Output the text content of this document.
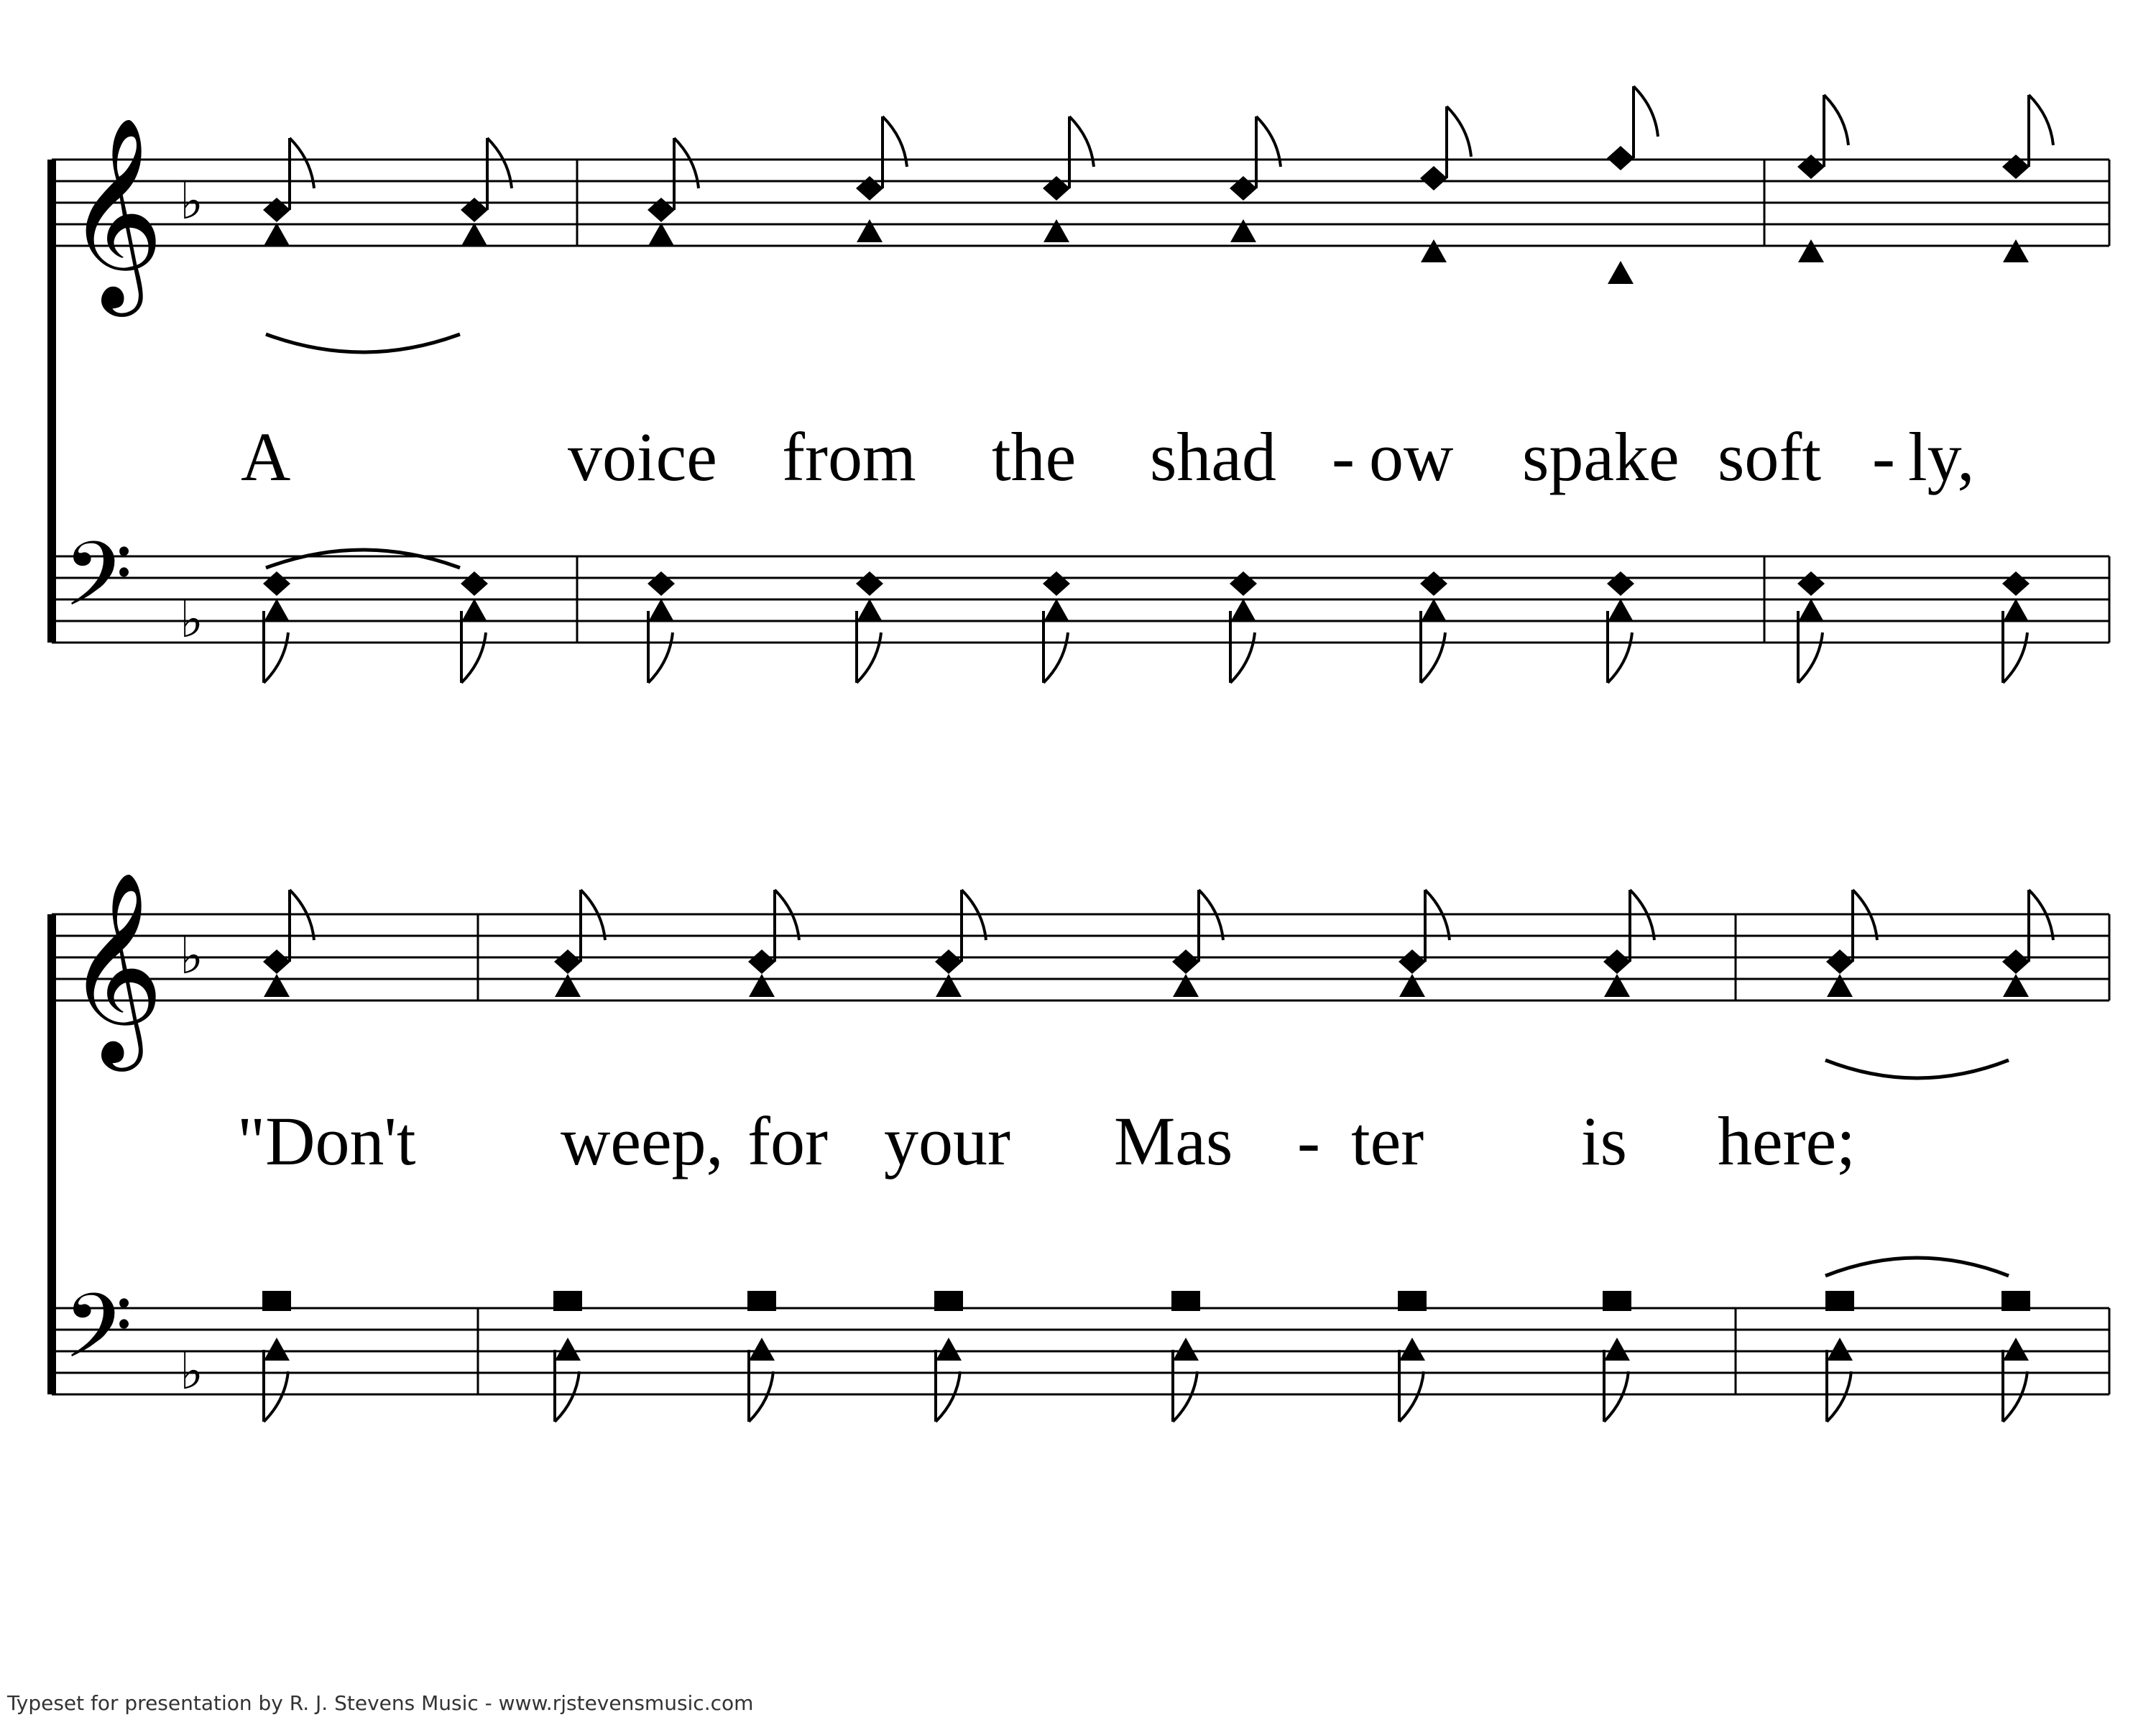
𝄞 ♭
𝄢 ♭
𝄞 ♭
𝄢 ♭
A	voice from the shad - ow spake soft - ly,
"Don't weep, for your Mas - ter is here;
Typeset for presentation by R. J. Stevens Music - www.rjstevensmusic.com
